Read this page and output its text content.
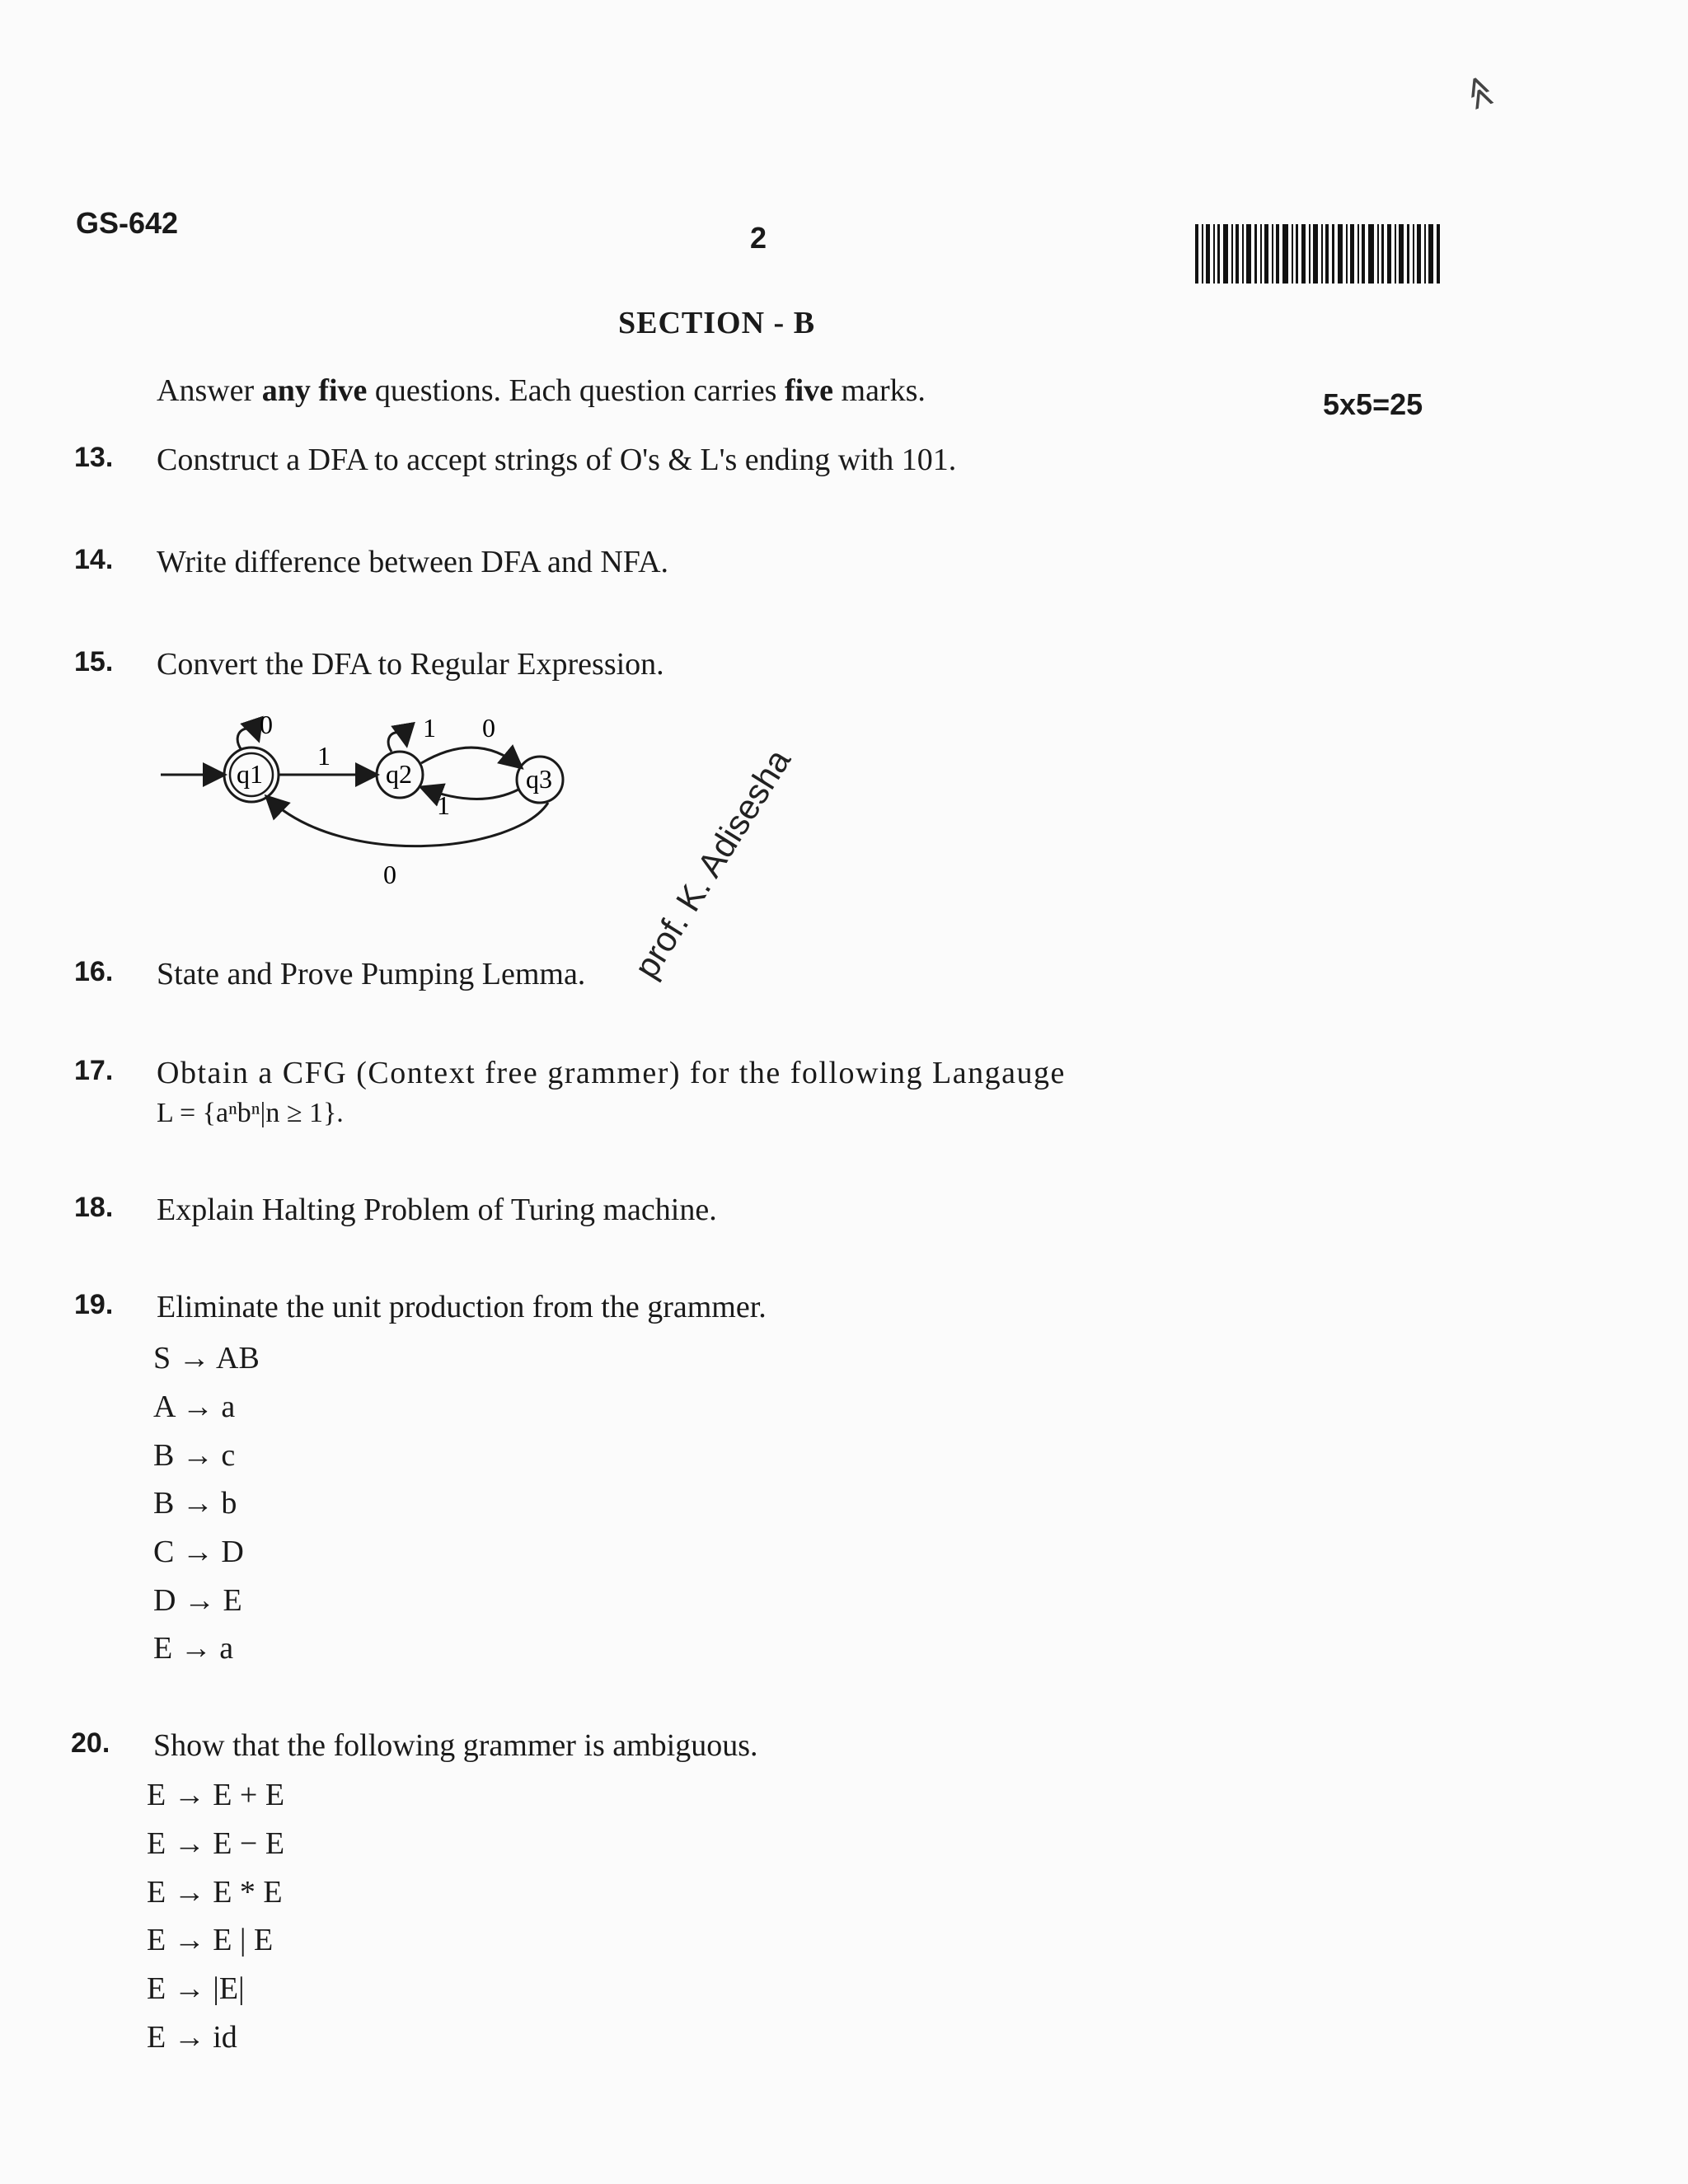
GS-642	2
≪
SECTION - B
Answer any five questions. Each question carries five marks.	5x5=25
13. Construct a DFA to accept strings of O's & L's ending with 101.
14. Write difference between DFA and NFA.
15. Convert the DFA to Regular Expression.
q1	q2	q3
0	1
1
0
1
0	prof. K. Adisesha
16. State and Prove Pumping Lemma.
17. Obtain a CFG (Context free grammer) for the following Langauge
L = {aⁿbⁿ|n ≥ 1}.
18. Explain Halting Problem of Turing machine.
19. Eliminate the unit production from the grammer.
S → AB
A → a
B → c
B → b
C → D
D → E
E → a
20. Show that the following grammer is ambiguous.
E → E + E
E → E − E
E → E * E
E → E | E
E → |E|
E → id
